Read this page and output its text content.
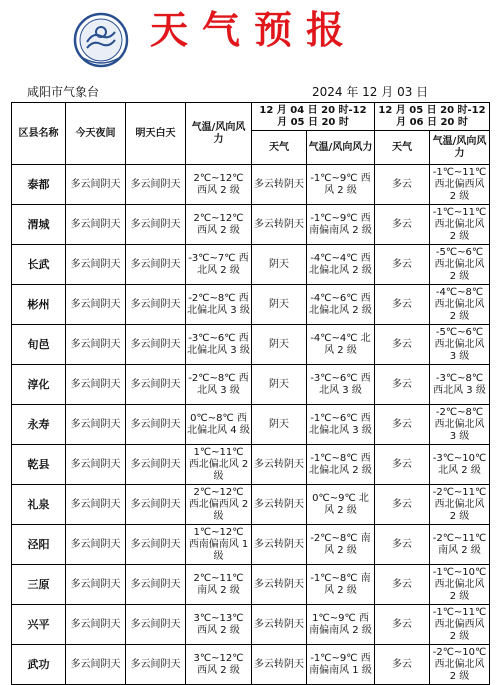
天气预报
咸阳市气象台	2024 年 12 月 03 日
区县名称	今天夜间	明天白天	气温/风向风力	12 月 04 日 20 时-12 月 05 日 20 时		12 月 05 日 20 时-12 月 06 日 20 时	
				天气	气温/风向风力	天气	气温/风向风力
泰都	多云间阴天	多云间阴天	2℃~12℃ 西风 2 级	多云转阴天	-1℃~9℃ 西风 2 级	多云	-1℃~11℃ 西北偏西风 2 级
渭城	多云间阴天	多云间阴天	2℃~12℃ 西风 2 级	多云转阴天	-1℃~9℃ 西南偏南风 2 级	多云	-1℃~11℃ 西北偏北风 2 级
长武	多云间阴天	多云间阴天	-3℃~7℃ 西北风 2 级	阴天	-4℃~4℃ 西北偏北风 2 级	多云	-5℃~6℃ 西北偏北风 2 级
彬州	多云间阴天	多云间阴天	-2℃~8℃ 西北偏北风 3 级	阴天	-4℃~6℃ 西北偏北风 2 级	多云	-4℃~8℃ 西北偏北风 2 级
旬邑	多云间阴天	多云间阴天	-3℃~6℃ 西北偏北风 3 级	阴天	-4℃~4℃ 北风 2 级	多云	-5℃~6℃ 西北偏北风 3 级
淳化	多云间阴天	多云间阴天	-2℃~8℃ 西北风 3 级	阴天	-3℃~6℃ 西北风 3 级	多云	-3℃~8℃ 西北风 3 级
永寿	多云间阴天	多云间阴天	0℃~8℃ 西北偏北风 4 级	阴天	-1℃~6℃ 西北偏北风 3 级	多云	-2℃~8℃ 西北偏北风 3 级
乾县	多云间阴天	多云间阴天	1℃~11℃ 西北偏北风 2 级	多云转阴天	-1℃~8℃ 西北偏北风 2 级	多云	-3℃~10℃ 北风 2 级
礼泉	多云间阴天	多云间阴天	2℃~12℃ 西北偏西风 2 级	多云转阴天	0℃~9℃ 北风 2 级	多云	-2℃~11℃ 西北偏北风 2 级
泾阳	多云间阴天	多云间阴天	1℃~12℃ 西南偏南风 1 级	多云转阴天	-2℃~8℃ 南风 2 级	多云	-2℃~11℃ 南风 2 级
三原	多云间阴天	多云间阴天	2℃~11℃ 南风 2 级	多云转阴天	-1℃~8℃ 南风 2 级	多云	-1℃~10℃ 西北偏北风 2 级
兴平	多云间阴天	多云间阴天	3℃~13℃ 西风 2 级	多云转阴天	1℃~9℃ 西南偏南风 2 级	多云	-1℃~11℃ 西北偏西风 2 级
武功	多云间阴天	多云间阴天	3℃~12℃ 西风 2 级	多云转阴天	-1℃~9℃ 西南偏南风 1 级	多云	-2℃~10℃ 西北偏北风 2 级
